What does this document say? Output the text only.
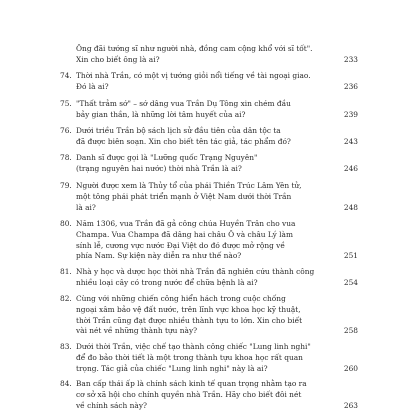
Ông đãi tướng sĩ như người nhà, đồng cam cộng khổ với sĩ tốt".
Xin cho biết ông là ai?	233
74. Thời nhà Trần, có một vị tướng giỏi nổi tiếng về tài ngoại giao.
Đó là ai?	236
75. "Thất trảm sớ" – sớ dâng vua Trần Dụ Tông xin chém đầu
bảy gian thần, là những lời tâm huyết của ai?	239
76. Dưới triều Trần bộ sách lịch sử đầu tiên của dân tộc ta
đã được biên soạn. Xin cho biết tên tác giả, tác phẩm đó?	243
78. Danh sĩ được gọi là "Lưỡng quốc Trạng Nguyên"
(trạng nguyên hai nước) thời nhà Trần là ai?	246
79. Người được xem là Thủy tổ của phái Thiền Trúc Lâm Yên tử,
một tông phái phát triển mạnh ở Việt Nam dưới thời Trần
là ai?	248
80. Năm 1306, vua Trần đã gả công chúa Huyền Trân cho vua
Champa. Vua Champa đã dâng hai châu Ô và châu Lý làm
sính lễ, cương vực nước Đại Việt do đó được mở rộng về
phía Nam. Sự kiện này diễn ra như thế nào?	251
81. Nhà y học và dược học thời nhà Trần đã nghiên cứu thành công
nhiều loại cây có trong nước để chữa bệnh là ai?	254
82. Cùng với những chiến công hiển hách trong cuộc chống
ngoại xâm bảo vệ đất nước, trên lĩnh vực khoa học kỹ thuật,
thời Trần cũng đạt được nhiều thành tựu to lớn. Xin cho biết
vài nét về những thành tựu này?	258
83. Dưới thời Trần, việc chế tạo thành công chiếc "Lung linh nghi"
để đo bảo thời tiết là một trong thành tựu khoa học rất quan
trọng. Tác giả của chiếc "Lung linh nghi" này là ai?	260
84. Ban cấp thái ấp là chính sách kinh tế quan trọng nhằm tạo ra
cơ sở xã hội cho chính quyền nhà Trần. Hãy cho biết đôi nét
về chính sách này?	263
